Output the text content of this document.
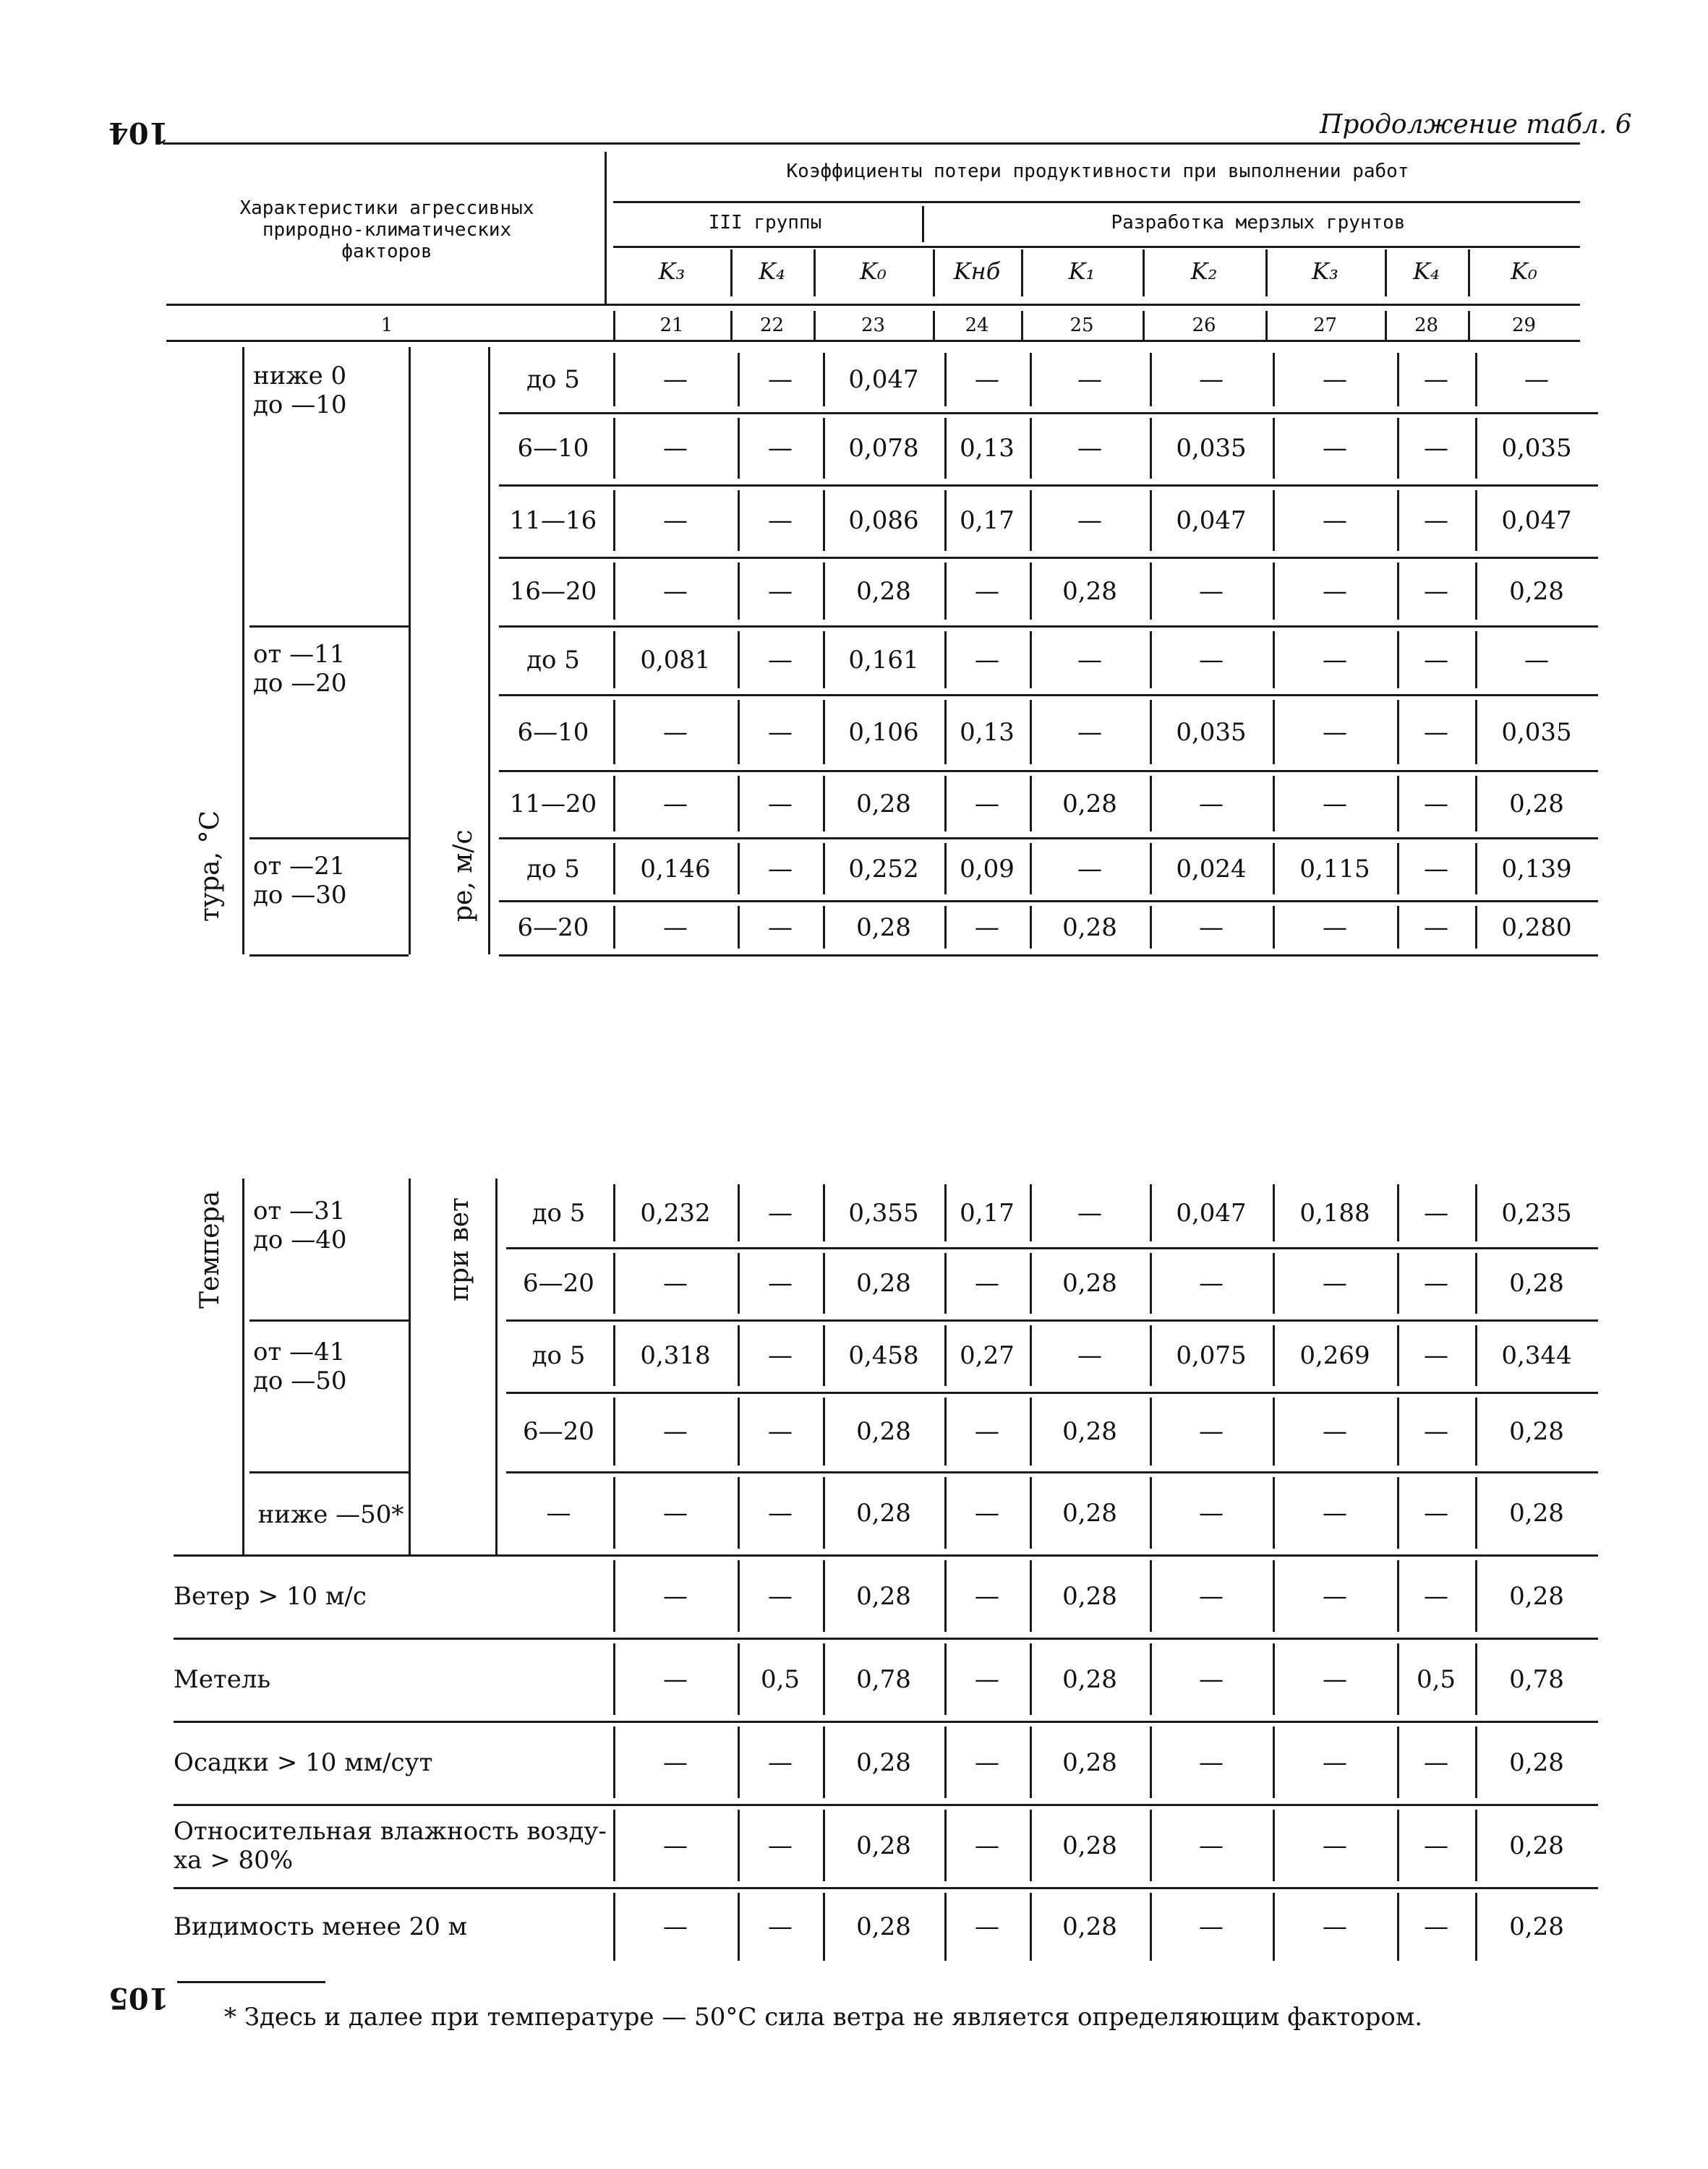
104
105
Продолжение табл. 6
Характеристики агрессивных
природно-климатических
факторов
Коэффициенты потери продуктивности при выполнении работ
III группы	Разработка мерзлых грунтов
K₃	K₄	K₀	Kнб	K₁	K₂	K₃	K₄	K₀
1	21	22	23	24	25	26	27	28	29
ниже 0
до —10
от —11
до —20
от —21
до —30
до 5	—	—	0,047	—	—	—	—	—	—
6—10	—	—	0,078	0,13	—	0,035	—	—	0,035
11—16	—	—	0,086	0,17	—	0,047	—	—	0,047
16—20	—	—	0,28	—	0,28	—	—	—	0,28
до 5	0,081	—	0,161	—	—	—	—	—	—
6—10	—	—	0,106	0,13	—	0,035	—	—	0,035
11—20	—	—	0,28	—	0,28	—	—	—	0,28
до 5	0,146	—	0,252	0,09	—	0,024	0,115	—	0,139
6—20	—	—	0,28	—	0,28	—	—	—	0,280
тура, °С	ре, м/с
от —31
до —40
от —41
до —50
ниже —50*
до 5	0,232	—	0,355	0,17	—	0,047	0,188	—	0,235
6—20	—	—	0,28	—	0,28	—	—	—	0,28
до 5	0,318	—	0,458	0,27	—	0,075	0,269	—	0,344
6—20	—	—	0,28	—	0,28	—	—	—	0,28
—	—	—	0,28	—	0,28	—	—	—	0,28
Темпера	при вет
Ветер > 10 м/с	—	—	0,28	—	0,28	—	—	—	0,28
Метель	—	0,5	0,78	—	0,28	—	—	0,5	0,78
Осадки > 10 мм/сут	—	—	0,28	—	0,28	—	—	—	0,28
Относительная влажность возду-
ха > 80%	—	—	0,28	—	0,28	—	—	—	0,28
Видимость менее 20 м	—	—	0,28	—	0,28	—	—	—	0,28
* Здесь и далее при температуре — 50°С сила ветра не является определяющим фактором.
